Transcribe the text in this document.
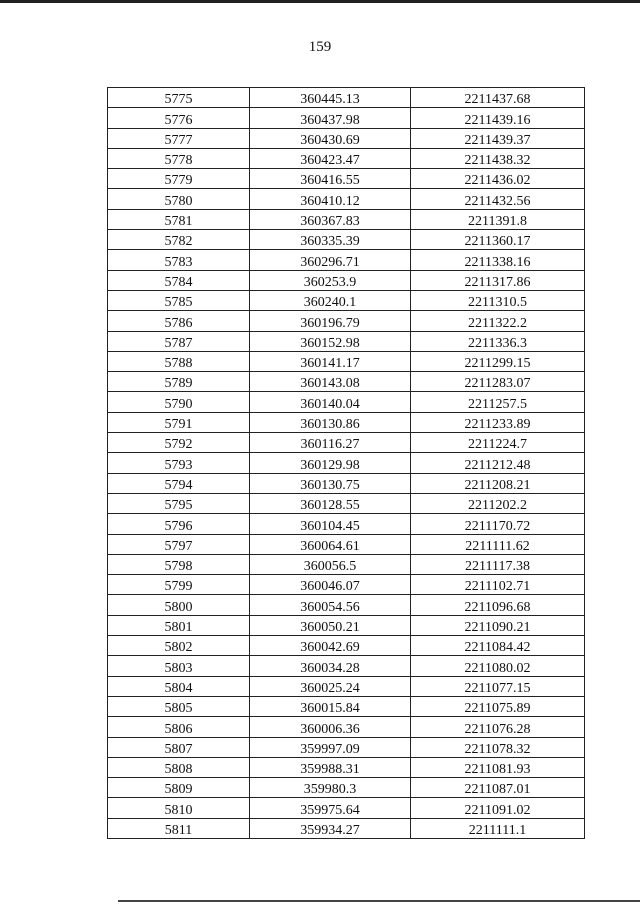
159
5775	360445.13	2211437.68
5776	360437.98	2211439.16
5777	360430.69	2211439.37
5778	360423.47	2211438.32
5779	360416.55	2211436.02
5780	360410.12	2211432.56
5781	360367.83	2211391.8
5782	360335.39	2211360.17
5783	360296.71	2211338.16
5784	360253.9	2211317.86
5785	360240.1	2211310.5
5786	360196.79	2211322.2
5787	360152.98	2211336.3
5788	360141.17	2211299.15
5789	360143.08	2211283.07
5790	360140.04	2211257.5
5791	360130.86	2211233.89
5792	360116.27	2211224.7
5793	360129.98	2211212.48
5794	360130.75	2211208.21
5795	360128.55	2211202.2
5796	360104.45	2211170.72
5797	360064.61	2211111.62
5798	360056.5	2211117.38
5799	360046.07	2211102.71
5800	360054.56	2211096.68
5801	360050.21	2211090.21
5802	360042.69	2211084.42
5803	360034.28	2211080.02
5804	360025.24	2211077.15
5805	360015.84	2211075.89
5806	360006.36	2211076.28
5807	359997.09	2211078.32
5808	359988.31	2211081.93
5809	359980.3	2211087.01
5810	359975.64	2211091.02
5811	359934.27	2211111.1
